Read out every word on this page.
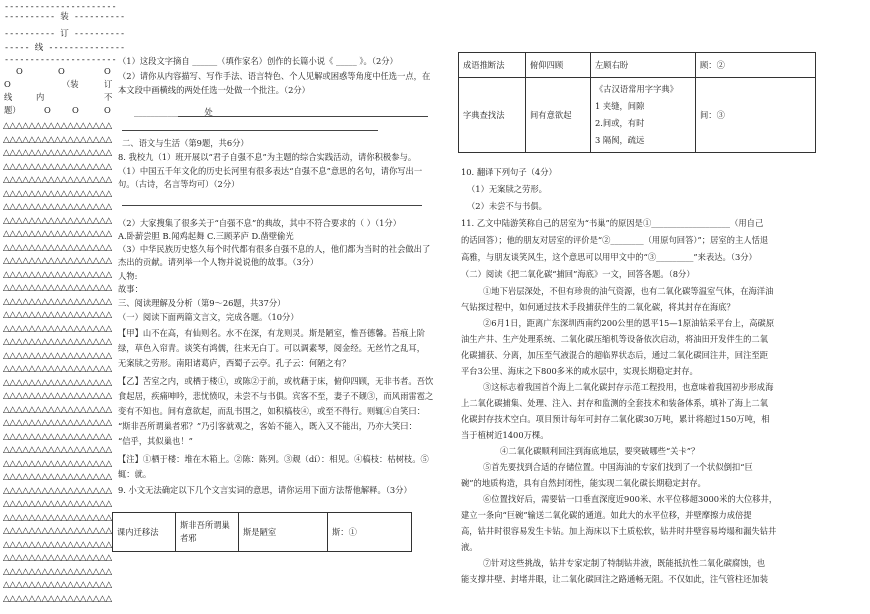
----------------------
---------- 装 ----------
---------- 订 ----------
----- 线 ---------------
----------------------
O	O	O
O	（装	订
线	内	不
题）	O	O	O
△△△△△△△△△△△△△△△△△
△△△△△△△△△△△△△△△△△
△△△△△△△△△△△△△△△△△
△△△△△△△△△△△△△△△△△
△△△△△△△△△△△△△△△△△
△△△△△△△△△△△△△△△△△
△△△△△△△△△△△△△△△△△
△△△△△△△△△△△△△△△△△
△△△△△△△△△△△△△△△△△
△△△△△△△△△△△△△△△△△
△△△△△△△△△△△△△△△△△
△△△△△△△△△△△△△△△△△
△△△△△△△△△△△△△△△△△
△△△△△△△△△△△△△△△△△
△△△△△△△△△△△△△△△△△
△△△△△△△△△△△△△△△△△
△△△△△△△△△△△△△△△△△
△△△△△△△△△△△△△△△△△
△△△△△△△△△△△△△△△△△
△△△△△△△△△△△△△△△△△
△△△△△△△△△△△△△△△△△
△△△△△△△△△△△△△△△△△
△△△△△△△△△△△△△△△△△
△△△△△△△△△△△△△△△△△
△△△△△△△△△△△△△△△△△
△△△△△△△△△△△△△△△△△
△△△△△△△△△△△△△△△△△
△△△△△△△△△△△△△△△△△
△△△△△△△△△△△△△△△△△
△△△△△△△△△△△△△△△△△
△△△△△△△△△△△△△△△△△
△△△△△△△△△△△△△△△△△
△△△△△△△△△△△△△△△△△
△△△△△△△△△△△△△△△△△
△△△△△△△△△△△△△△△△△
△△△△△△△△△△△△△△△△△
（1）这段文字摘自 ______（填作家名）创作的长篇小说《 _____ 》。（2分）
（2）请你从内容描写、写作手法、语言特色、个人见解或困惑等角度中任选一点，在
本文段中画横线的两处任选一处做一个批注。（2分）
_________________处
二、语文与生活（第9题，共6分）
8. 我校九（1）班开展以“君子自强不息”为主题的综合实践活动，请你积极参与。
（1）中国五千年文化的历史长河里有很多表达“自强不息”意思的名句，请你写出一
句。（古诗，名言等均可）（2分）
（2）大家搜集了很多关于“自强不息”的典故，其中不符合要求的（ ）（1分）
A.卧薪尝胆 B.闻鸡起舞 C.三顾茅庐 D.凿壁偷光
（3）中华民族历史悠久每个时代都有很多自强不息的人，他们都为当时的社会做出了
杰出的贡献。请列举一个人物并说说他的故事。（3分）
人物:
故事：
三、阅读理解及分析（第9～26题，共37分）
（一）阅读下面两篇文言文，完成各题。（10分）
【甲】山不在高，有仙则名。水不在深，有龙则灵。斯是陋室，惟吾德馨。苔痕上阶
绿，草色入帘青。谈笑有鸿儒，往来无白丁。可以调素琴，阅金经。无丝竹之乱耳，
无案牍之劳形。南阳诸葛庐，西蜀子云亭。孔子云：何陋之有？
【乙】苦室之内，或栖于楼①，或陈②于前，或枕藉于床，俯仰四顾，无非书者。吾饮
食起居，疾痛呻吟，悲忧愤叹，未尝不与书俱。宾客不至，妻子不觌③，而风雨雷雹之
变有不知也。间有意欲起，而乱书围之，如积槁枝④，或至不得行。则辄④自笑曰：
“斯非吾所谓巢者邪？”乃引客就观之，客始不能入，既入又不能出，乃亦大笑曰：
“信乎，其似巢也！”
【注】①栖于楼：堆在木箱上。②陈：陈列。③觌（dí）：相见。④槁枝：枯树枝。⑤
辄：就。
9. 小文无法确定以下几个文言实词的意思，请你运用下面方法帮他解释。（3分）
课内迁移法	斯非吾所谓巢者邪	斯是陋室	斯：①
成语推断法	俯仰四顾	左顾右盼	顾：②
字典查找法	间有意欲起	《古汉语常用字字典》
1 夹缝，间隙
2.间或，有时
3 隔阂，疏远	间：③
10. 翻译下列句子（4分）
（1）无案牍之劳形。
（2）未尝不与书俱。
11. 乙文中陆游笑称自己的居室为“书巢”的原因是①___________________（用自己
的话回答）；他的朋友对居室的评价是“②________（用原句回答）”；居室的主人恬退
高雅，与朋友谈笑风生，这个意思可以用甲文中的“③_________”来表达。（3分）
（二）阅读《把二氧化碳“捕回”海底》一文，回答各题。（8分）
①地下岩层深处，不但有珍贵的油气资源，也有二氧化碳等温室气体，在海洋油
气钻探过程中，如何通过技术手段捕获伴生的二氧化碳，将其封存在海底？
②6月1日，距离广东深圳西南约200公里的恩平15—1原油钻采平台上，高碳原
油生产井、生产处理系统、二氧化碳压缩机等设备依次启动，将油田开发伴生的二氧
化碳捕获、分离，加压至气液混合的超临界状态后，通过二氧化碳回注井，回注至距
平台3公里、海床之下800多米的咸水层中，实现长期稳定封存。
③这标志着我国首个海上二氧化碳封存示范工程投用，也意味着我国初步形成海
上二氧化碳捕集、处理、注入、封存和监测的全套技术和装备体系，填补了海上二氧
化碳封存技术空白。项目预计每年可封存二氧化碳30万吨，累计将超过150万吨，相
当于植树近1400万棵。
④二氧化碳顺利回注到海底地层，要突破哪些“关卡”？
⑤首先要找到合适的存储位置。中国海油的专家们找到了一个状似倒扣“巨
碗”的地质构造，具有自然封闭性，能实现二氧化碳长期稳定封存。
⑥位置找好后，需要钻一口垂直深度近900米、水平位移超3000米的大位移井，
建立一条向“巨碗”输送二氧化碳的通道。如此大的水平位移，并壁摩擦力成倍提
高，钻井时很容易发生卡钻。加上海床以下土质松软，钻井时井壁容易垮塌和漏失钻井
液。
⑦针对这些挑战，钻井专家定制了特制钻井液，既能抵抗性二氧化碳腐蚀，也
能支撑井壁、封堵井眼，让二氧化碳回注之路通畅无阻。不仅如此，注气管柱还加装
